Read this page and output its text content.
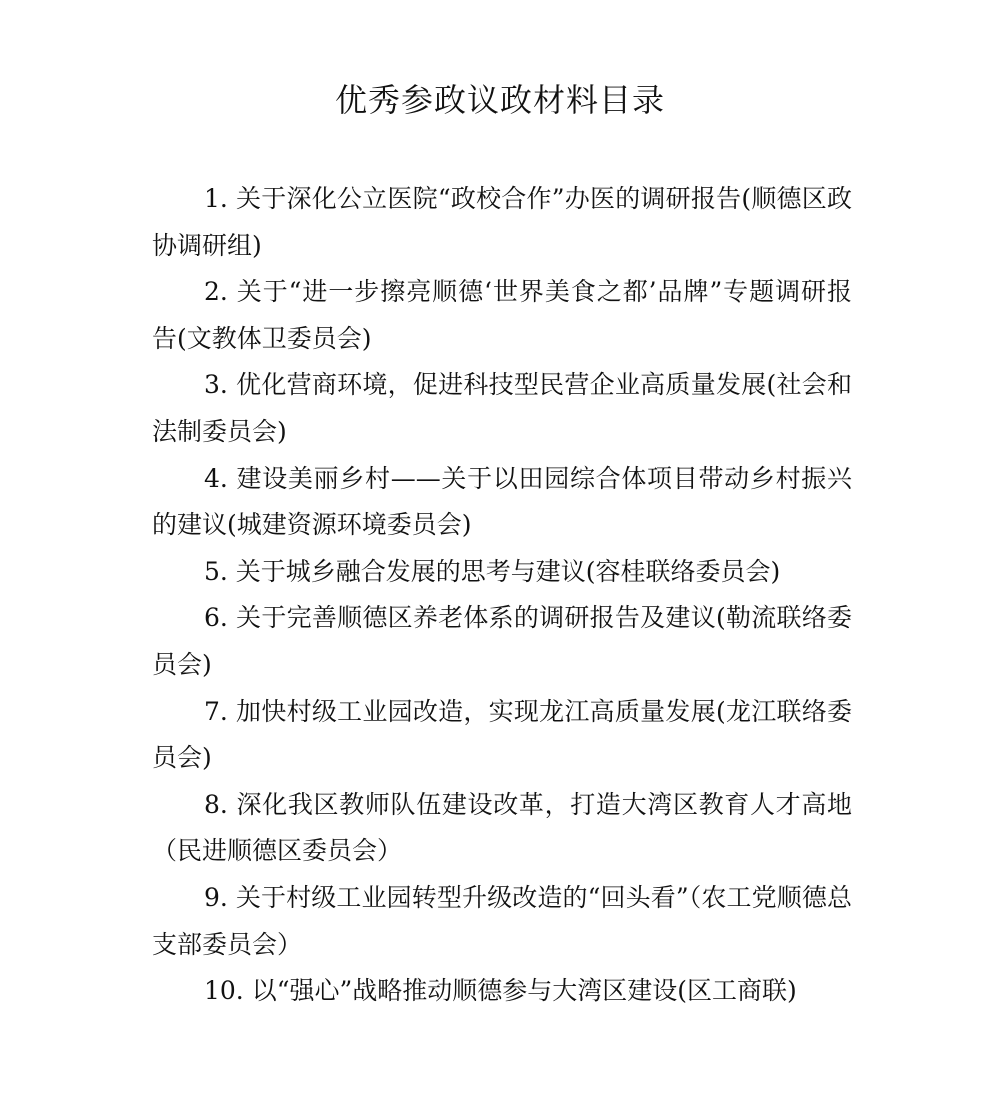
优秀参政议政材料目录
1. 关于深化公立医院“政校合作”办医的调研报告(顺德区政协调研组)
2. 关于“进一步擦亮顺德‘世界美食之都’品牌”专题调研报告(文教体卫委员会)
3. 优化营商环境，促进科技型民营企业高质量发展(社会和法制委员会)
4. 建设美丽乡村——关于以田园综合体项目带动乡村振兴的建议(城建资源环境委员会)
5. 关于城乡融合发展的思考与建议(容桂联络委员会)
6. 关于完善顺德区养老体系的调研报告及建议(勒流联络委员会)
7. 加快村级工业园改造，实现龙江高质量发展(龙江联络委员会)
8. 深化我区教师队伍建设改革，打造大湾区教育人才高地（民进顺德区委员会）
9. 关于村级工业园转型升级改造的“回头看”（农工党顺德总支部委员会）
10. 以“强心”战略推动顺德参与大湾区建设(区工商联)
